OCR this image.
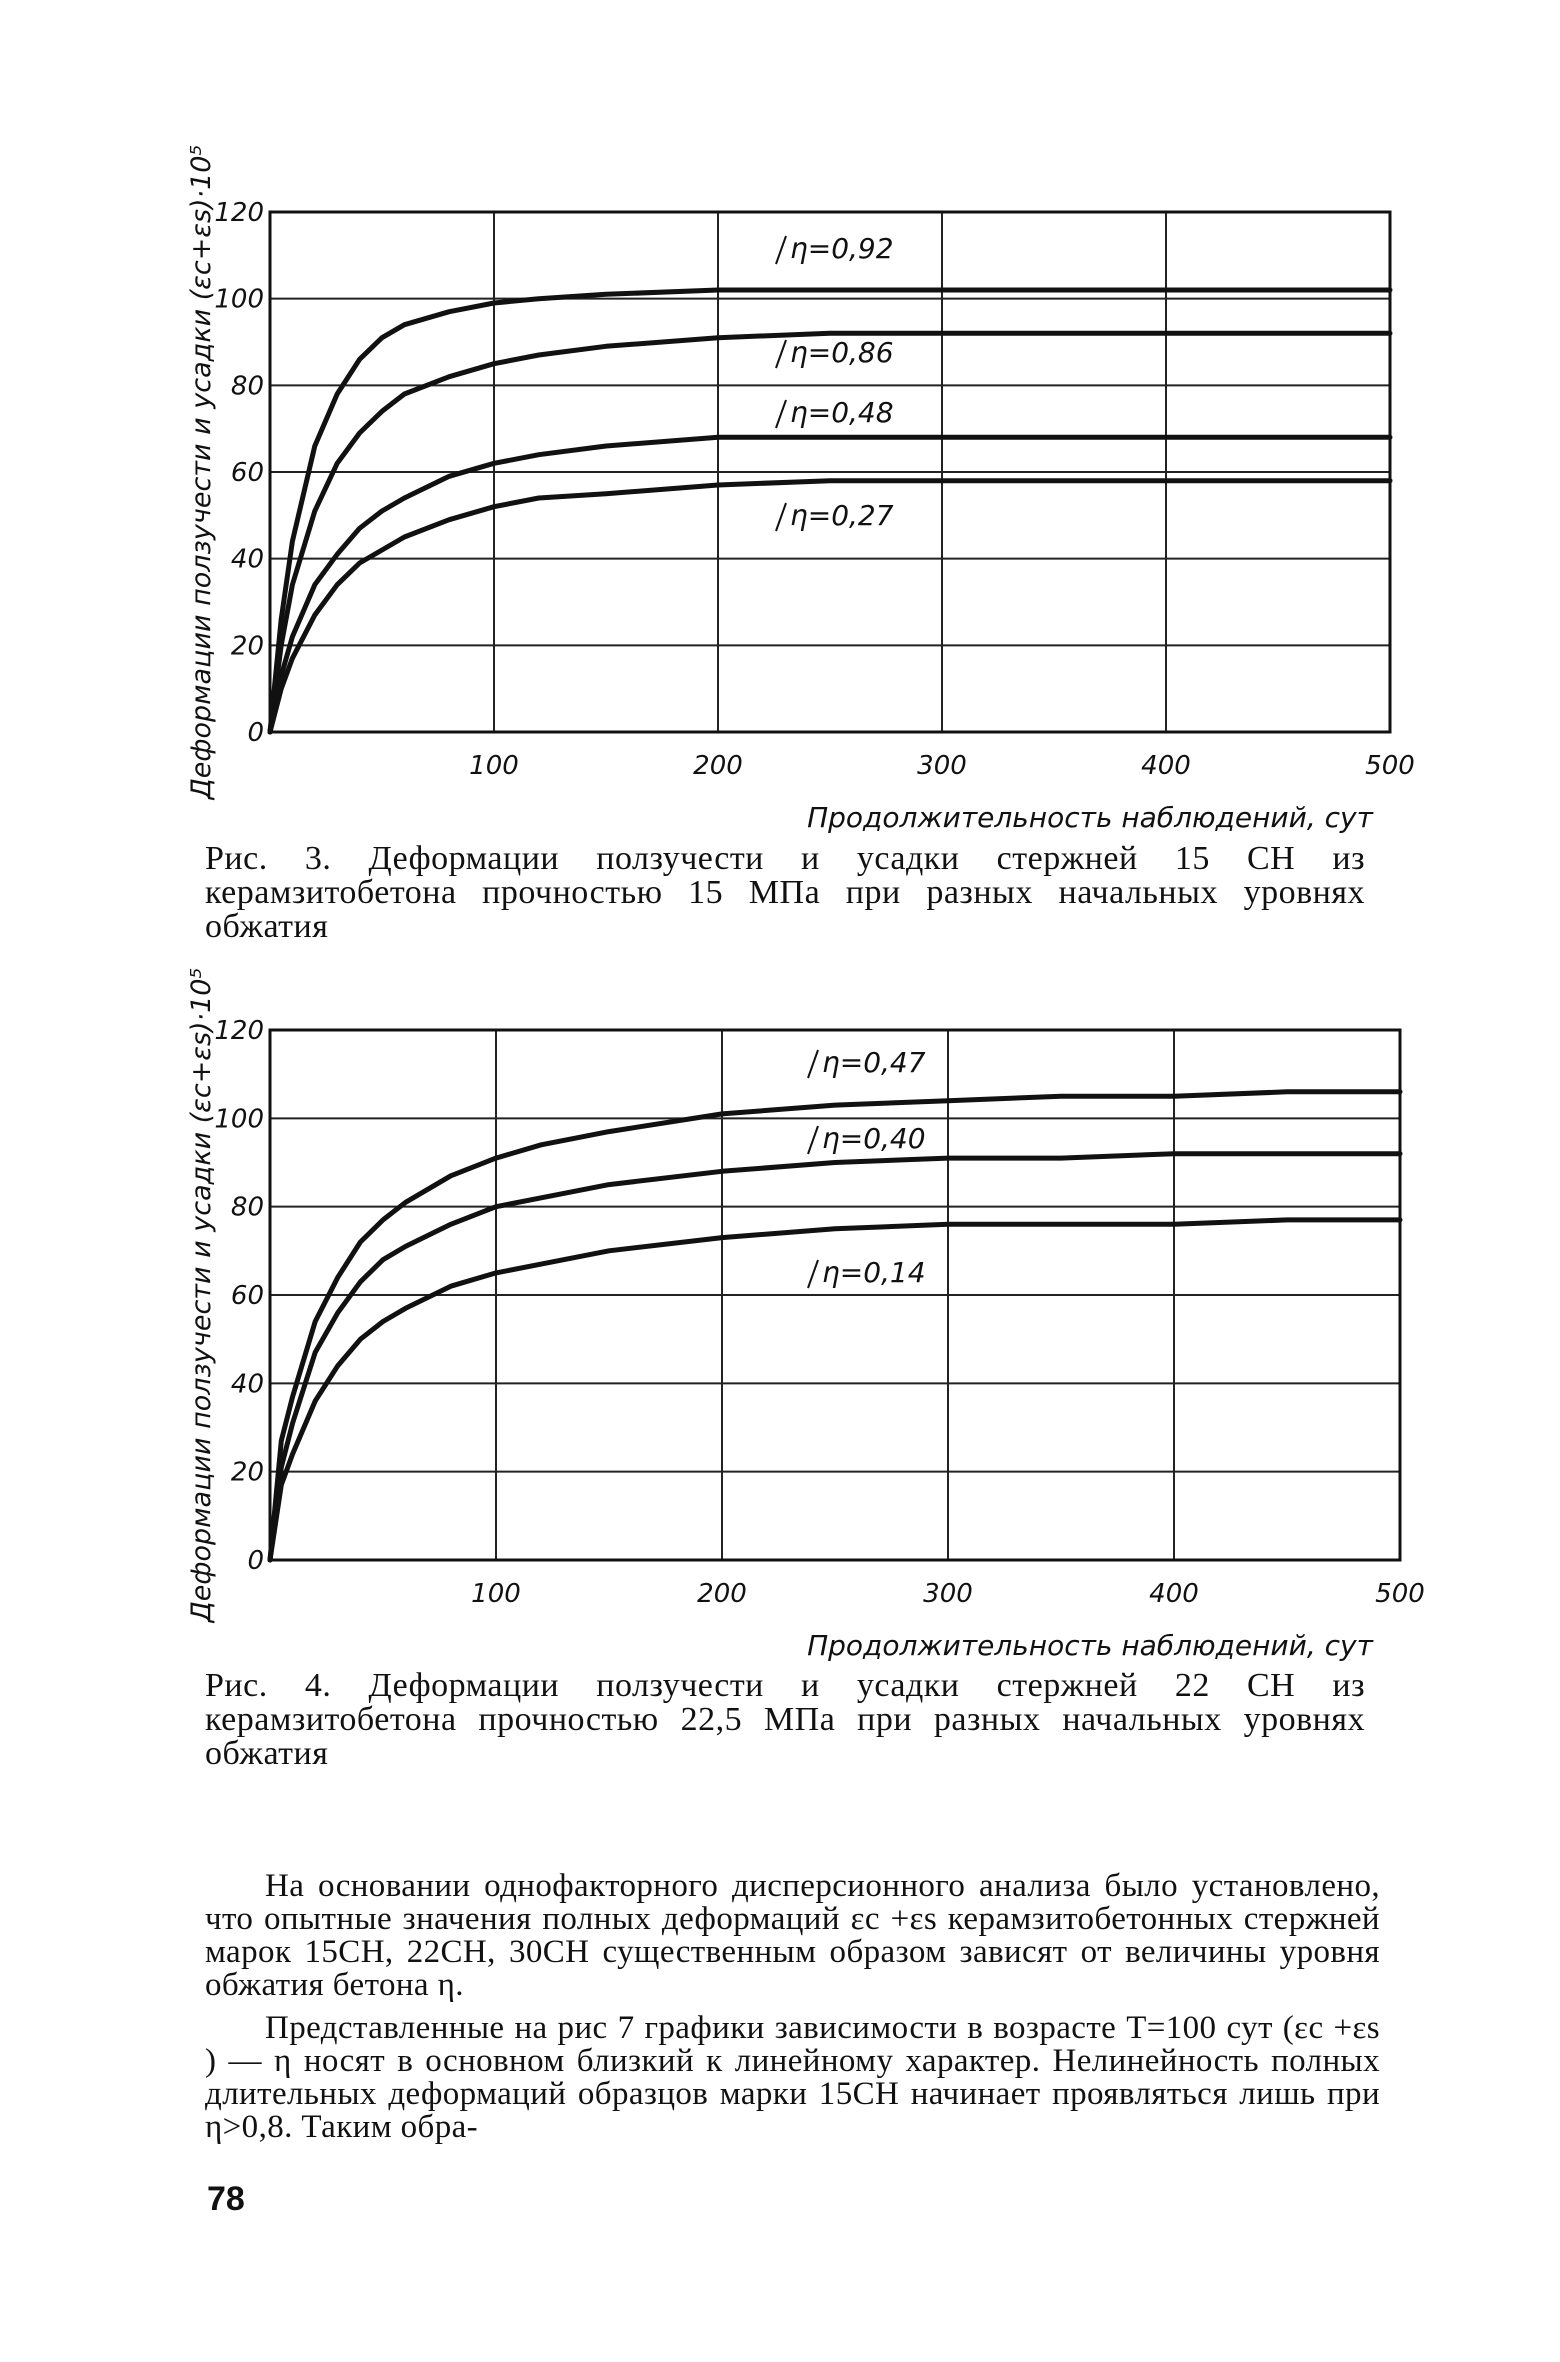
100	200	300	400	500
0
20
40
60
80
100
120
Продолжительность наблюдений, сут
Деформации ползучести и усадки (εc+εs)·10⁵	η=0,92
η=0,86
η=0,48
η=0,27
Рис. 3. Деформации ползучести и усадки стержней 15 СН из керамзитобетона прочностью 15 МПа при разных начальных уровнях обжатия
100	200	300	400	500
0
20
40
60
80
100
120
Продолжительность наблюдений, сут
Деформации ползучести и усадки (εc+εs)·10⁵	η=0,47
η=0,40
η=0,14
Рис. 4. Деформации ползучести и усадки стержней 22 СН из керамзитобетона прочностью 22,5 МПа при разных начальных уровнях обжатия
На основании однофакторного дисперсионного анализа было установлено, что опытные значения полных деформаций εc +εs керамзитобетонных стержней марок 15СН, 22СН, 30СН существенным образом зависят от величины уровня обжатия бетона η.
Представленные на рис 7 графики зависимости в возрасте T=100 сут (εc +εs ) — η носят в основном близкий к линейному характер. Нелинейность полных длительных деформаций образцов марки 15СН начинает проявляться лишь при η>0,8. Таким обра-
78
